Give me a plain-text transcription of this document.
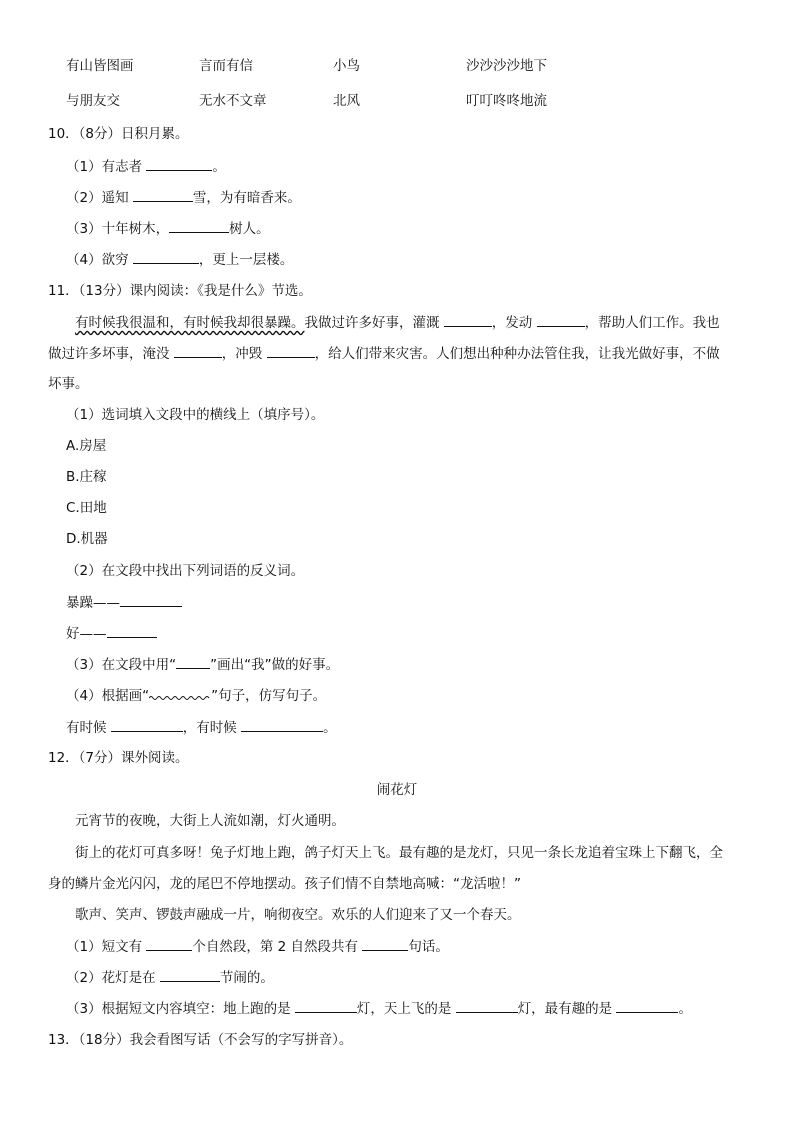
有山皆图画	言而有信	小鸟	沙沙沙沙地下
与朋友交	无水不文章	北风	叮叮咚咚地流
10．（8分）日积月累。
（1）有志者	。
（2）遥知	雪，为有暗香来。
（3）十年树木，	树人。
（4）欲穷	，更上一层楼。
11．（13分）课内阅读：《我是什么》节选。
有时候我很温和，有时候我却很暴躁。我做过许多好事，灌溉	，发动	，帮助人们工作。我也
做过许多坏事，淹没	，冲毁	，给人们带来灾害。人们想出种种办法管住我，让我光做好事，不做
坏事。
（1）选词填入文段中的横线上（填序号）。
A.房屋
B.庄稼
C.田地
D.机器
（2）在文段中找出下列词语的反义词。
暴躁——
好——
（3）在文段中用“	”画出“我”做的好事。
（4）根据画“	”句子，仿写句子。
有时候	，有时候	。
12．（7分）课外阅读。
闹花灯
元宵节的夜晚，大街上人流如潮，灯火通明。
街上的花灯可真多呀！兔子灯地上跑，鸽子灯天上飞。最有趣的是龙灯，只见一条长龙追着宝珠上下翻飞，全
身的鳞片金光闪闪，龙的尾巴不停地摆动。孩子们情不自禁地高喊：“龙活啦！”
歌声、笑声、锣鼓声融成一片，响彻夜空。欢乐的人们迎来了又一个春天。
（1）短文有	个自然段，第 2 自然段共有	句话。
（2）花灯是在	节闹的。
（3）根据短文内容填空：地上跑的是	灯，天上飞的是	灯，最有趣的是	。
13．（18分）我会看图写话（不会写的字写拼音）。
